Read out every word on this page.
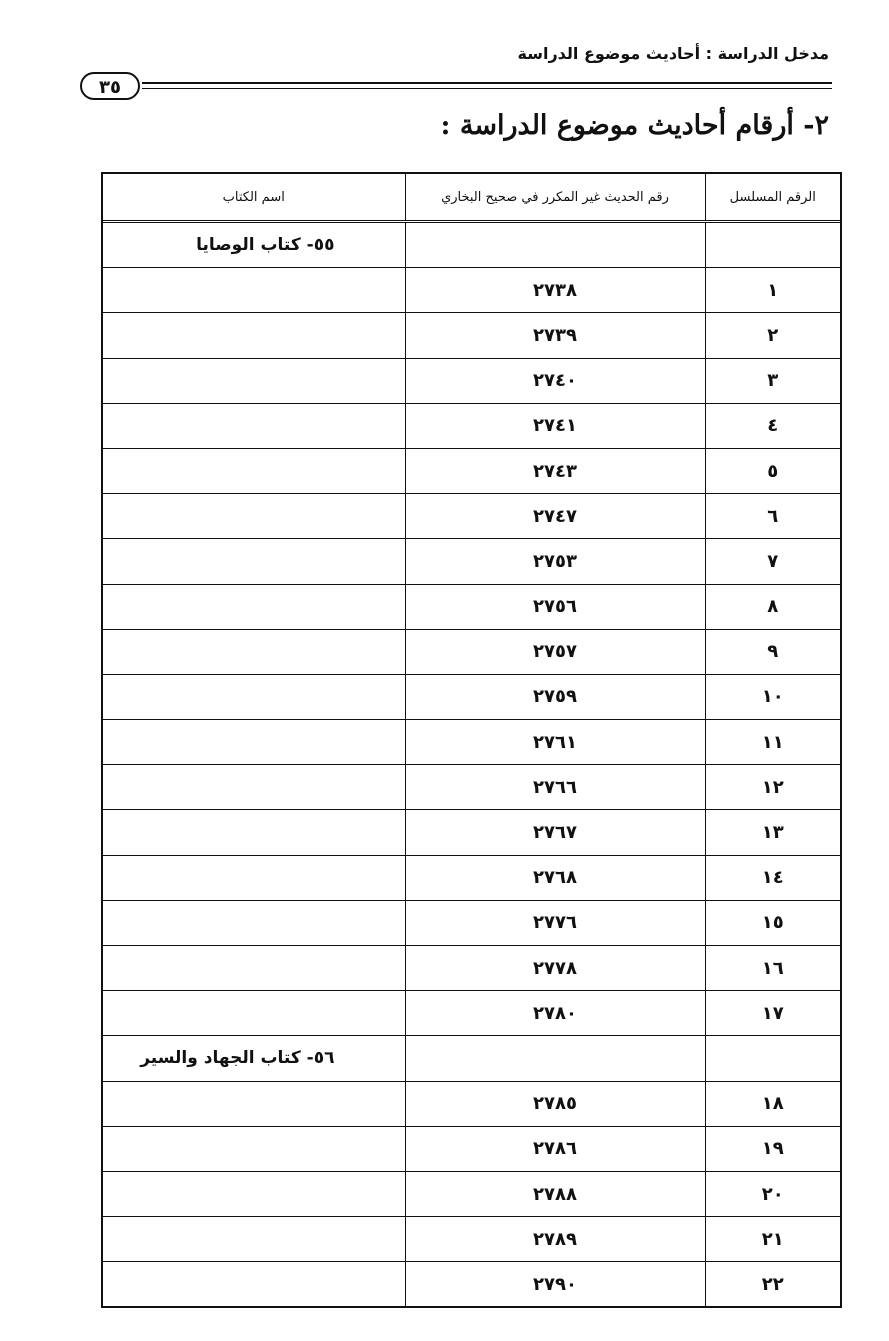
مدخل الدراسة : أحاديث موضوع الدراسة
٣٥
٢- أرقام أحاديث موضوع الدراسة :
الرقم المسلسل	رقم الحديث غير المكرر في صحيح البخاري	اسم الكتاب
		٥٥- كتاب الوصايا
١	٢٧٣٨	
٢	٢٧٣٩	
٣	٢٧٤٠	
٤	٢٧٤١	
٥	٢٧٤٣	
٦	٢٧٤٧	
٧	٢٧٥٣	
٨	٢٧٥٦	
٩	٢٧٥٧	
١٠	٢٧٥٩	
١١	٢٧٦١	
١٢	٢٧٦٦	
١٣	٢٧٦٧	
١٤	٢٧٦٨	
١٥	٢٧٧٦	
١٦	٢٧٧٨	
١٧	٢٧٨٠	
		٥٦- كتاب الجهاد والسير
١٨	٢٧٨٥	
١٩	٢٧٨٦	
٢٠	٢٧٨٨	
٢١	٢٧٨٩	
٢٢	٢٧٩٠	
